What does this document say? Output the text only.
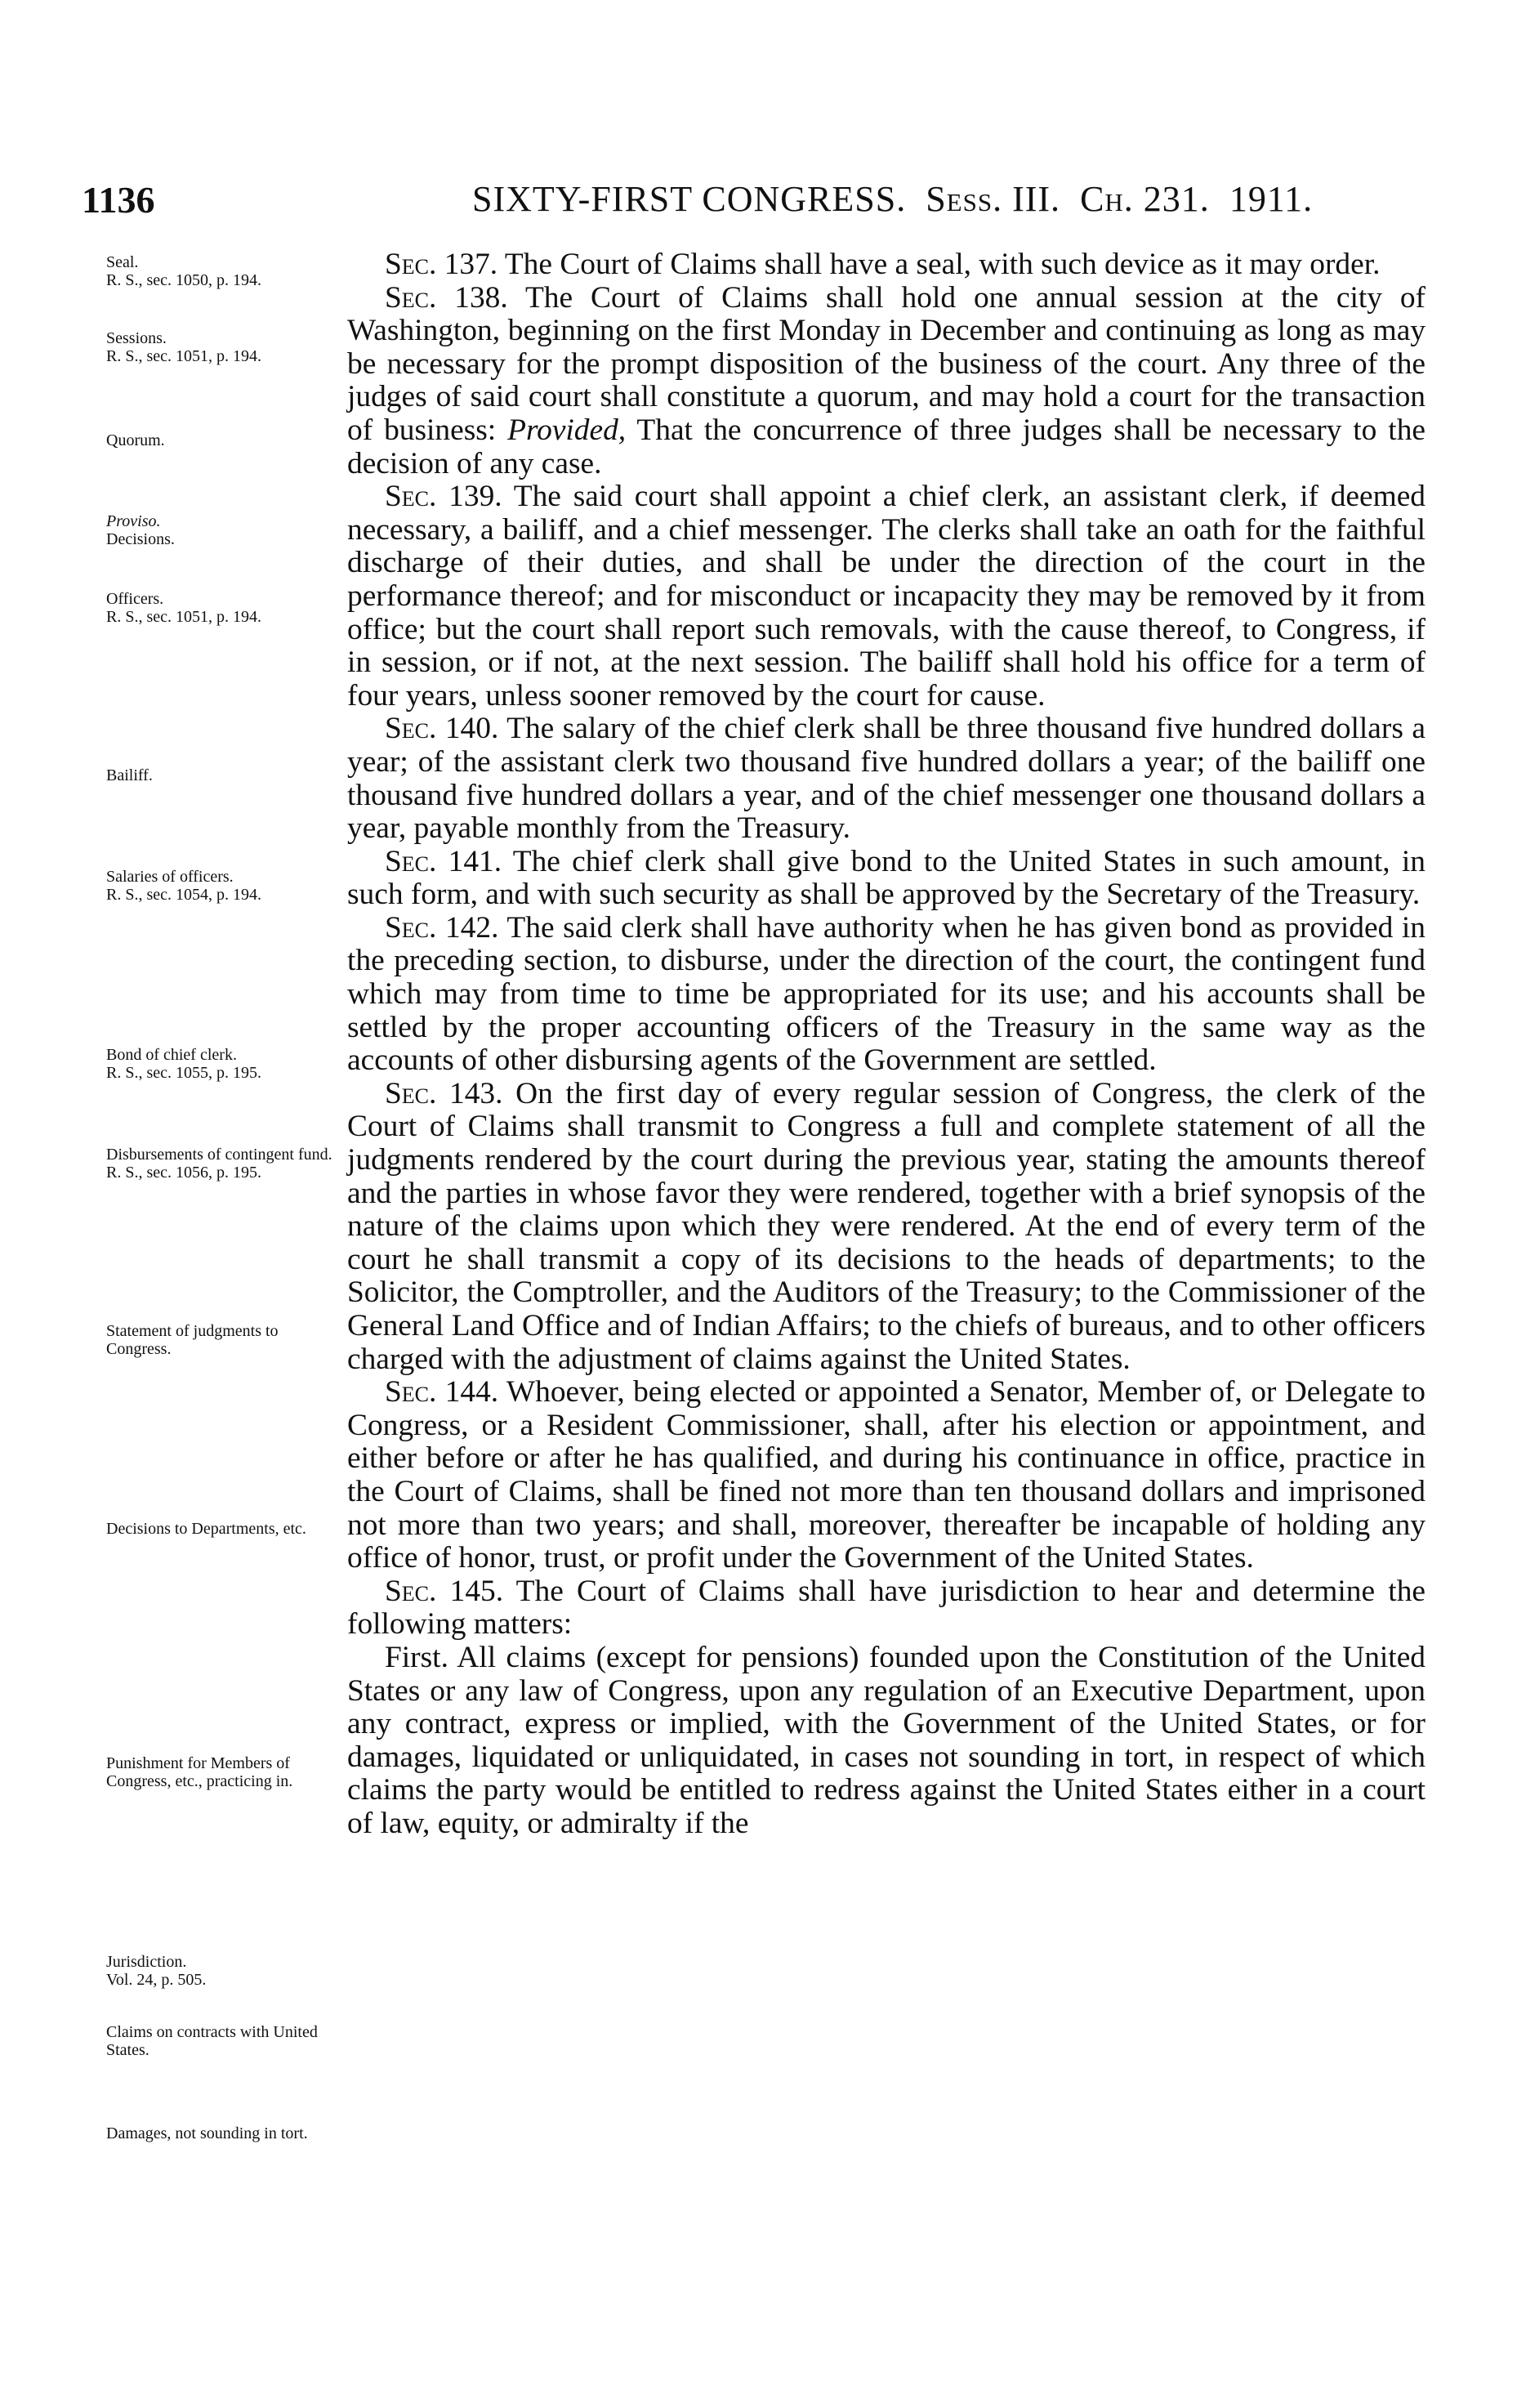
1136	SIXTY-FIRST CONGRESS. Sess. III. Ch. 231. 1911.
Seal.
R. S., sec. 1050, p. 194.
Sessions.
R. S., sec. 1051, p. 194.
Quorum.
Proviso.
Decisions.
Officers.
R. S., sec. 1051, p. 194.
Bailiff.
Salaries of officers.
R. S., sec. 1054, p. 194.
Bond of chief clerk.
R. S., sec. 1055, p. 195.
Disbursements of contingent fund.
R. S., sec. 1056, p. 195.
Statement of judgments to Congress.
Decisions to Departments, etc.
Punishment for Members of Congress, etc., practicing in.
Jurisdiction.
Vol. 24, p. 505.
Claims on contracts with United States.
Damages, not sounding in tort.

Sec. 137. The Court of Claims shall have a seal, with such device as it may order.

Sec. 138. The Court of Claims shall hold one annual session at the city of Washington, beginning on the first Monday in December and continuing as long as may be necessary for the prompt disposition of the business of the court. Any three of the judges of said court shall constitute a quorum, and may hold a court for the transaction of business: Provided, That the concurrence of three judges shall be necessary to the decision of any case.

Sec. 139. The said court shall appoint a chief clerk, an assistant clerk, if deemed necessary, a bailiff, and a chief messenger. The clerks shall take an oath for the faithful discharge of their duties, and shall be under the direction of the court in the performance thereof; and for misconduct or incapacity they may be removed by it from office; but the court shall report such removals, with the cause thereof, to Congress, if in session, or if not, at the next session. The bailiff shall hold his office for a term of four years, unless sooner removed by the court for cause.

Sec. 140. The salary of the chief clerk shall be three thousand five hundred dollars a year; of the assistant clerk two thousand five hundred dollars a year; of the bailiff one thousand five hundred dollars a year, and of the chief messenger one thousand dollars a year, payable monthly from the Treasury.

Sec. 141. The chief clerk shall give bond to the United States in such amount, in such form, and with such security as shall be approved by the Secretary of the Treasury.

Sec. 142. The said clerk shall have authority when he has given bond as provided in the preceding section, to disburse, under the direction of the court, the contingent fund which may from time to time be appropriated for its use; and his accounts shall be settled by the proper accounting officers of the Treasury in the same way as the accounts of other disbursing agents of the Government are settled.

Sec. 143. On the first day of every regular session of Congress, the clerk of the Court of Claims shall transmit to Congress a full and complete statement of all the judgments rendered by the court during the previous year, stating the amounts thereof and the parties in whose favor they were rendered, together with a brief synopsis of the nature of the claims upon which they were rendered. At the end of every term of the court he shall transmit a copy of its decisions to the heads of departments; to the Solicitor, the Comptroller, and the Auditors of the Treasury; to the Commissioner of the General Land Office and of Indian Affairs; to the chiefs of bureaus, and to other officers charged with the adjustment of claims against the United States.

Sec. 144. Whoever, being elected or appointed a Senator, Member of, or Delegate to Congress, or a Resident Commissioner, shall, after his election or appointment, and either before or after he has qualified, and during his continuance in office, practice in the Court of Claims, shall be fined not more than ten thousand dollars and imprisoned not more than two years; and shall, moreover, thereafter be incapable of holding any office of honor, trust, or profit under the Government of the United States.

Sec. 145. The Court of Claims shall have jurisdiction to hear and determine the following matters:

First. All claims (except for pensions) founded upon the Constitution of the United States or any law of Congress, upon any regulation of an Executive Department, upon any contract, express or implied, with the Government of the United States, or for damages, liquidated or unliquidated, in cases not sounding in tort, in respect of which claims the party would be entitled to redress against the United States either in a court of law, equity, or admiralty if the
